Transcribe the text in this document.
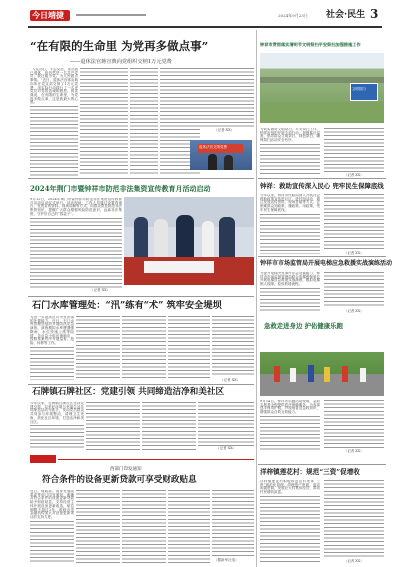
今日靖捷	2024年9月23日 社会·民生 3
“在有限的生命里 为党再多做点事”
——退休法官蒋宣典向党组织交纳1万元党费

“入党初心，不忘党恩，虽然我已退休，但仍然是一名共产党员，我还能为党、为人民做点事情。”近日，退休法官蒋宣典向所在党支部交纳了1万元党费，用实际行动践行了一名老党员对党的忠诚和感恩。蒋宣典说，在有限的生命里，为党再多做点事，这是我最大的心愿。

退休法官交纳党费
（记者 XX）
2024年荆门市暨钟祥市防范非法集资宣传教育月活动启动

9月12日，2024年荆门市暨钟祥市防范非法集资宣传教育月活动启动仪式举行。活动现场，工作人员通过设置咨询台、发放宣传资料、现场讲解等方式，向群众普及防范非法集资知识，提醒广大群众增强风险防范意识，远离非法集资，守护好自己的“钱袋子”。

（记者 XX）
石门水库管理处：“汛”练有“术” 筑牢安全堤坝

为进一步提高应对突发汛情的处置能力，近日，石门水库管理处组织开展防汛应急演练。演练模拟水库遭遇强降雨，水位快速上涨等险情，各应急小组迅速响应，按照预案有序开展巡查、抢险、转移等工作。

（记者 XX）
石牌镇石牌社区：党建引领 共同缔造洁净和美社区

今年以来，石牌镇石牌社区坚持党建引领，以美好环境与幸福生活共同缔造活动为抓手，发动党员群众共同参与环境整治，清理卫生死角，美化社区环境，打造洁净和美社区。

（记者 XX）
西部门印发通知
符合条件的设备更新贷款可享受财政贴息

近日，财政部、国家发展改革委等部门印发通知，明确对符合条件的设备更新贷款给予财政贴息，支持经营主体开展设备更新改造，贴息期限不超过2年，鼓励各类金融机构加大对设备更新项目的支持力度。

（据新华社电）
钟祥市贯彻落实清明节文明祭扫平安祭扫加强措施工作
文明祭扫

为切实做好文明祭扫、平安祭扫工作，钟祥市组织开展专项行动，加强墓区巡查，倡导群众文明祭扫、绿色祭扫，确保祭扫活动安全有序。

（记者 XX）
钟祥：救助宣传深入民心 兜牢民生保障底线

今年以来，钟祥市民政局深入开展社会救助政策宣传进社区、进村组活动，通过发放宣传资料、现场答疑等方式，让困难群众知政策、懂政策、用政策，兜牢民生保障底线。

（记者 XX）
钟祥市市场监管局开展电梯应急救援实战演练活动

为提升电梯突发事件应急处置能力，钟祥市市场监督管理局联合电梯维保单位开展电梯应急救援实战演练，模拟电梯困人故障，检验救援流程。

（记者 XX）
急救走进身边 护佑健康乐跑

9月14日，钟祥市乐跑活动现场，急救志愿者全程提供医疗保障服务，为参赛选手保驾护航，并现场普及急救知识，增强群众自救互救能力。

（记者 XX）
洋梓镇莲花村：规范“三资”促增收

洋梓镇莲花村积极推进农村集体“三资”规范化管理，清理资产资源，盘活闲置资源，发展壮大村集体经济，带动村民增收致富。

（记者 XX）
